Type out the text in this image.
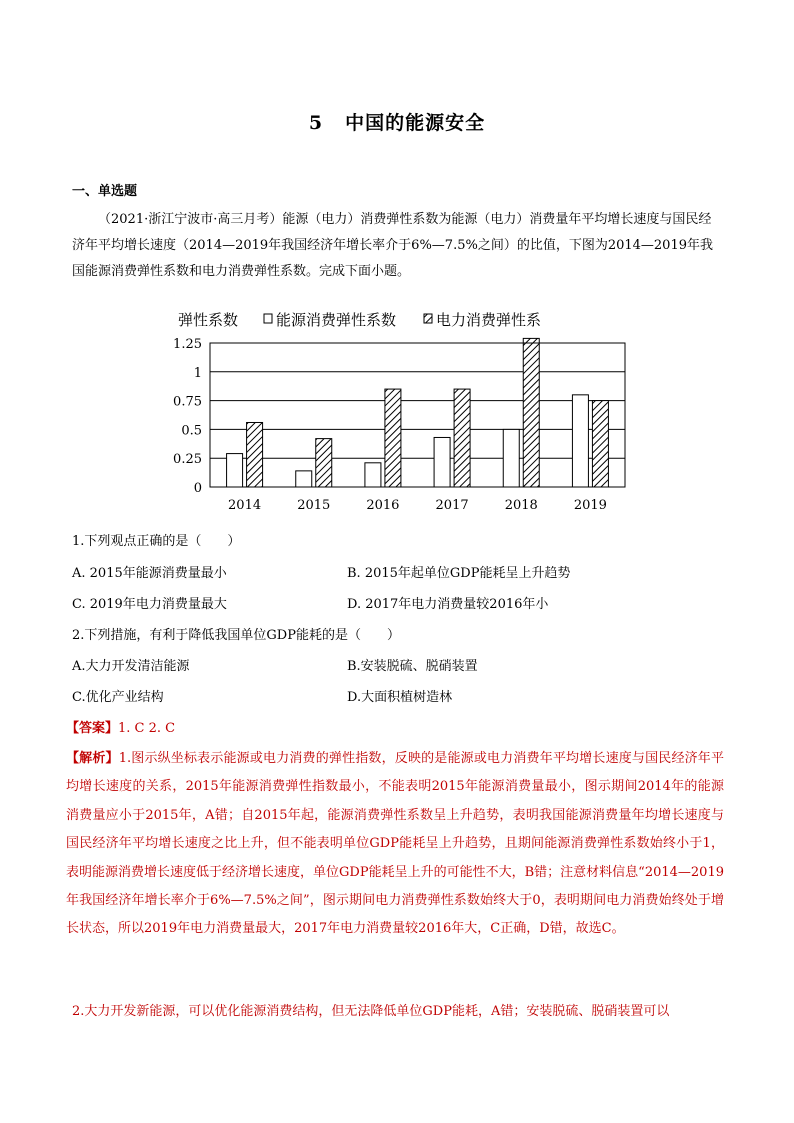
5 中国的能源安全
一、单选题
（2021·浙江宁波市·高三月考）能源（电力）消费弹性系数为能源（电力）消费量年平均增长速度与国民经济年平均增长速度（2014—2019年我国经济年增长率介于6%—7.5%之间）的比值，下图为2014—2019年我国能源消费弹性系数和电力消费弹性系数。完成下面小题。
0
0.25
0.5
0.75
1
1.25
2014	2015	2016	2017	2018	2019
弹性系数	能源消费弹性系数	电力消费弹性系
1.下列观点正确的是（　　）
A. 2015年能源消费量最小	B. 2015年起单位GDP能耗呈上升趋势
C. 2019年电力消费量最大	D. 2017年电力消费量较2016年小
2.下列措施，有利于降低我国单位GDP能耗的是（　　）
A.大力开发清洁能源	B.安装脱硫、脱硝装置
C.优化产业结构	D.大面积植树造林
【答案】1. C 2. C
【解析】1.图示纵坐标表示能源或电力消费的弹性指数，反映的是能源或电力消费年平均增长速度与国民经济年平均增长速度的关系，2015年能源消费弹性指数最小，不能表明2015年能源消费量最小，图示期间2014年的能源消费量应小于2015年，A错；自2015年起，能源消费弹性系数呈上升趋势，表明我国能源消费量年均增长速度与国民经济年平均增长速度之比上升，但不能表明单位GDP能耗呈上升趋势，且期间能源消费弹性系数始终小于1，表明能源消费增长速度低于经济增长速度，单位GDP能耗呈上升的可能性不大，B错；注意材料信息“2014—2019年我国经济年增长率介于6%—7.5%之间”，图示期间电力消费弹性系数始终大于0，表明期间电力消费始终处于增长状态，所以2019年电力消费量最大，2017年电力消费量较2016年大，C正确，D错，故选C。
2.大力开发新能源，可以优化能源消费结构，但无法降低单位GDP能耗，A错；安装脱硫、脱硝装置可以
